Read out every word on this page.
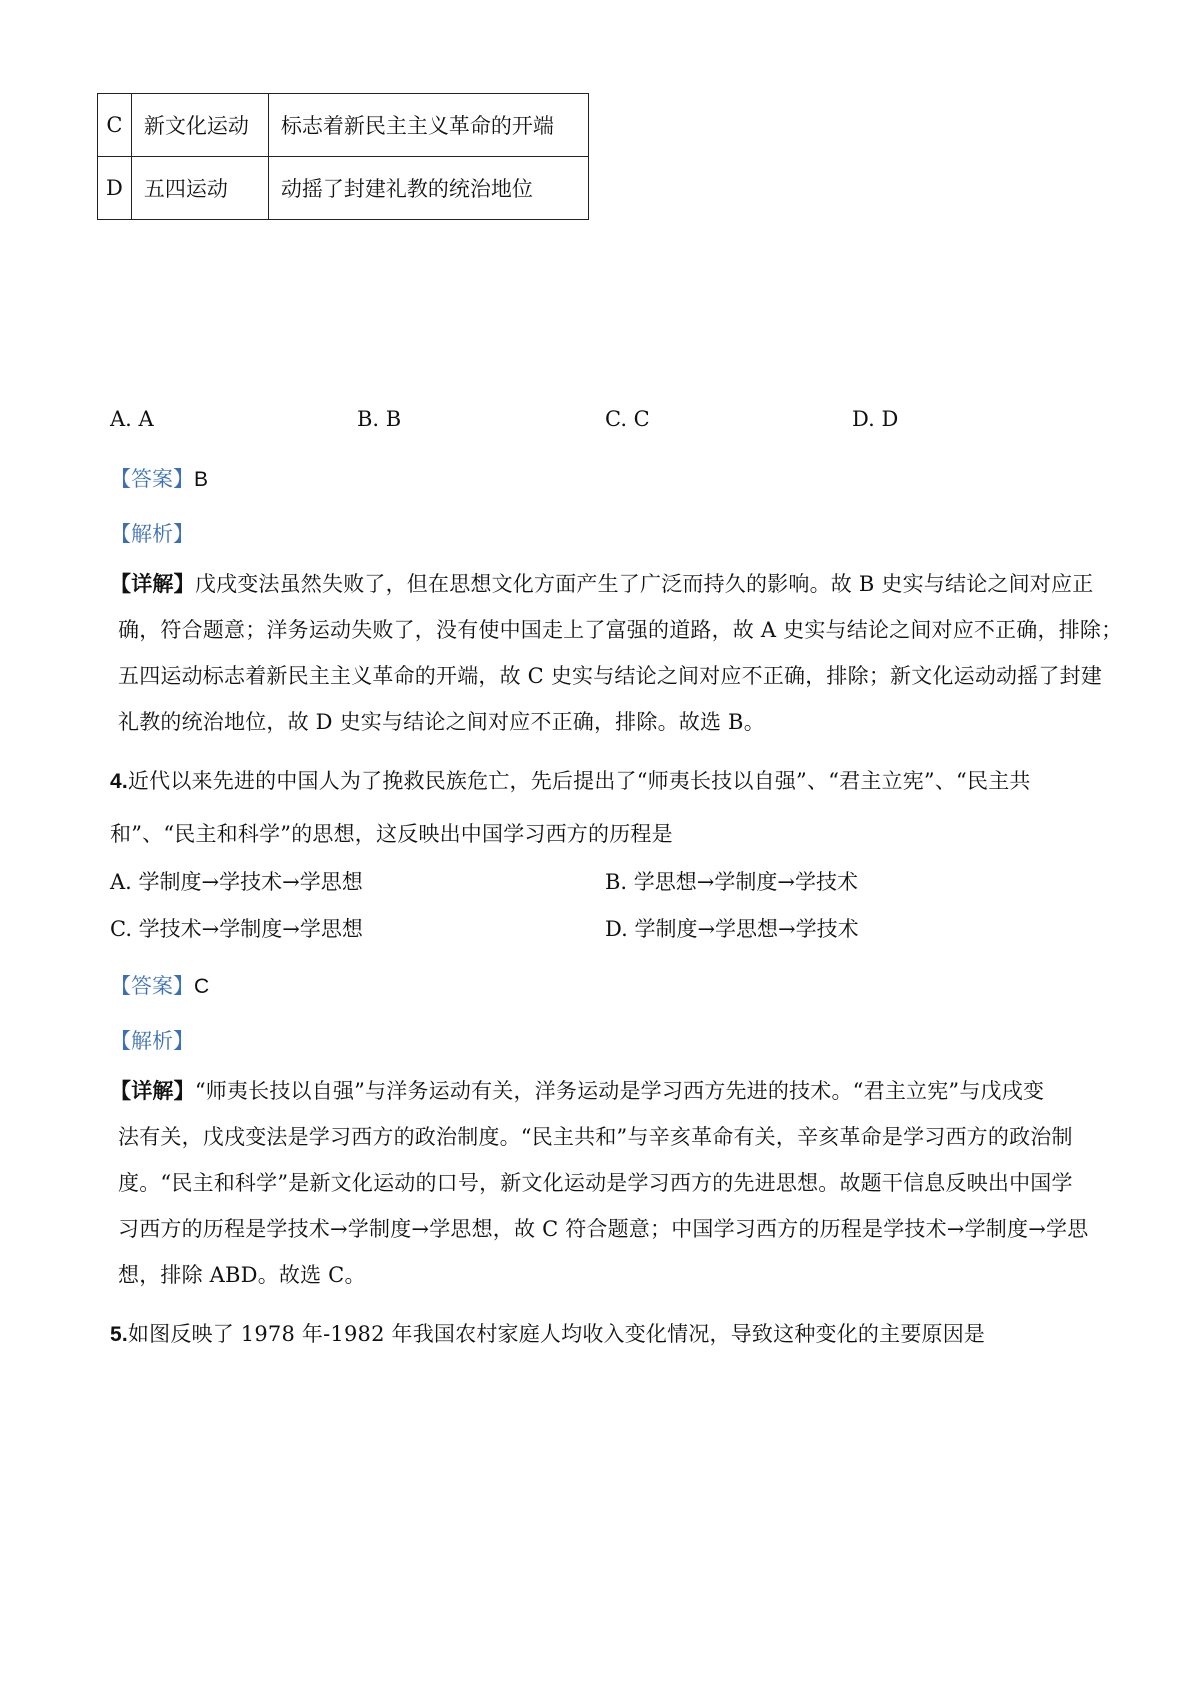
C	新文化运动	标志着新民主主义革命的开端
D	五四运动	动摇了封建礼教的统治地位
A. A	B. B	C. C	D. D
【答案】B
【解析】
【详解】戊戌变法虽然失败了，但在思想文化方面产生了广泛而持久的影响。故 B 史实与结论之间对应正
确，符合题意；洋务运动失败了，没有使中国走上了富强的道路，故 A 史实与结论之间对应不正确，排除；
五四运动标志着新民主主义革命的开端，故 C 史实与结论之间对应不正确，排除；新文化运动动摇了封建
礼教的统治地位，故 D 史实与结论之间对应不正确，排除。故选 B。
4.近代以来先进的中国人为了挽救民族危亡，先后提出了“师夷长技以自强”、“君主立宪”、“民主共
和”、“民主和科学”的思想，这反映出中国学习西方的历程是
A. 学制度→学技术→学思想	B. 学思想→学制度→学技术
C. 学技术→学制度→学思想	D. 学制度→学思想→学技术
【答案】C
【解析】
【详解】“师夷长技以自强”与洋务运动有关，洋务运动是学习西方先进的技术。“君主立宪”与戊戌变
法有关，戊戌变法是学习西方的政治制度。“民主共和”与辛亥革命有关，辛亥革命是学习西方的政治制
度。“民主和科学”是新文化运动的口号，新文化运动是学习西方的先进思想。故题干信息反映出中国学
习西方的历程是学技术→学制度→学思想，故 C 符合题意；中国学习西方的历程是学技术→学制度→学思
想，排除 ABD。故选 C。
5.如图反映了 1978 年-1982 年我国农村家庭人均收入变化情况，导致这种变化的主要原因是
